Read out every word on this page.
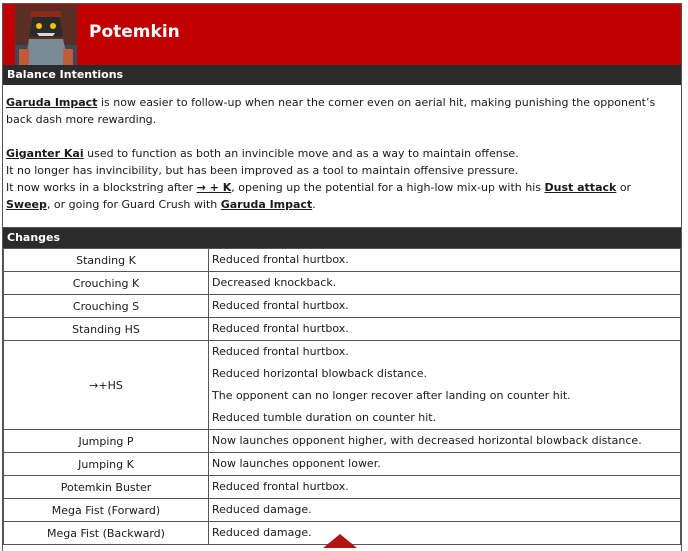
Potemkin
Balance Intentions

Garuda Impact is now easier to follow-up when near the corner even on aerial hit, making punishing the opponent’s back dash more rewarding.

Giganter Kai used to function as both an invincible move and as a way to maintain offense.

It no longer has invincibility, but has been improved as a tool to maintain offensive pressure.

It now works in a blockstring after → + K, opening up the potential for a high-low mix-up with his Dust attack or Sweep, or going for Guard Crush with Garuda Impact.

Changes
Standing K	Reduced frontal hurtbox.

Crouching K	Decreased knockback.

Crouching S	Reduced frontal hurtbox.

Standing HS	Reduced frontal hurtbox.

→+HS	Reduced frontal hurtbox.
Reduced horizontal blowback distance.
The opponent can no longer recover after landing on counter hit.
Reduced tumble duration on counter hit.

Jumping P	Now launches opponent higher, with decreased horizontal blowback distance.

Jumping K	Now launches opponent lower.

Potemkin Buster	Reduced frontal hurtbox.

Mega Fist (Forward)	Reduced damage.

Mega Fist (Backward)	Reduced damage.
